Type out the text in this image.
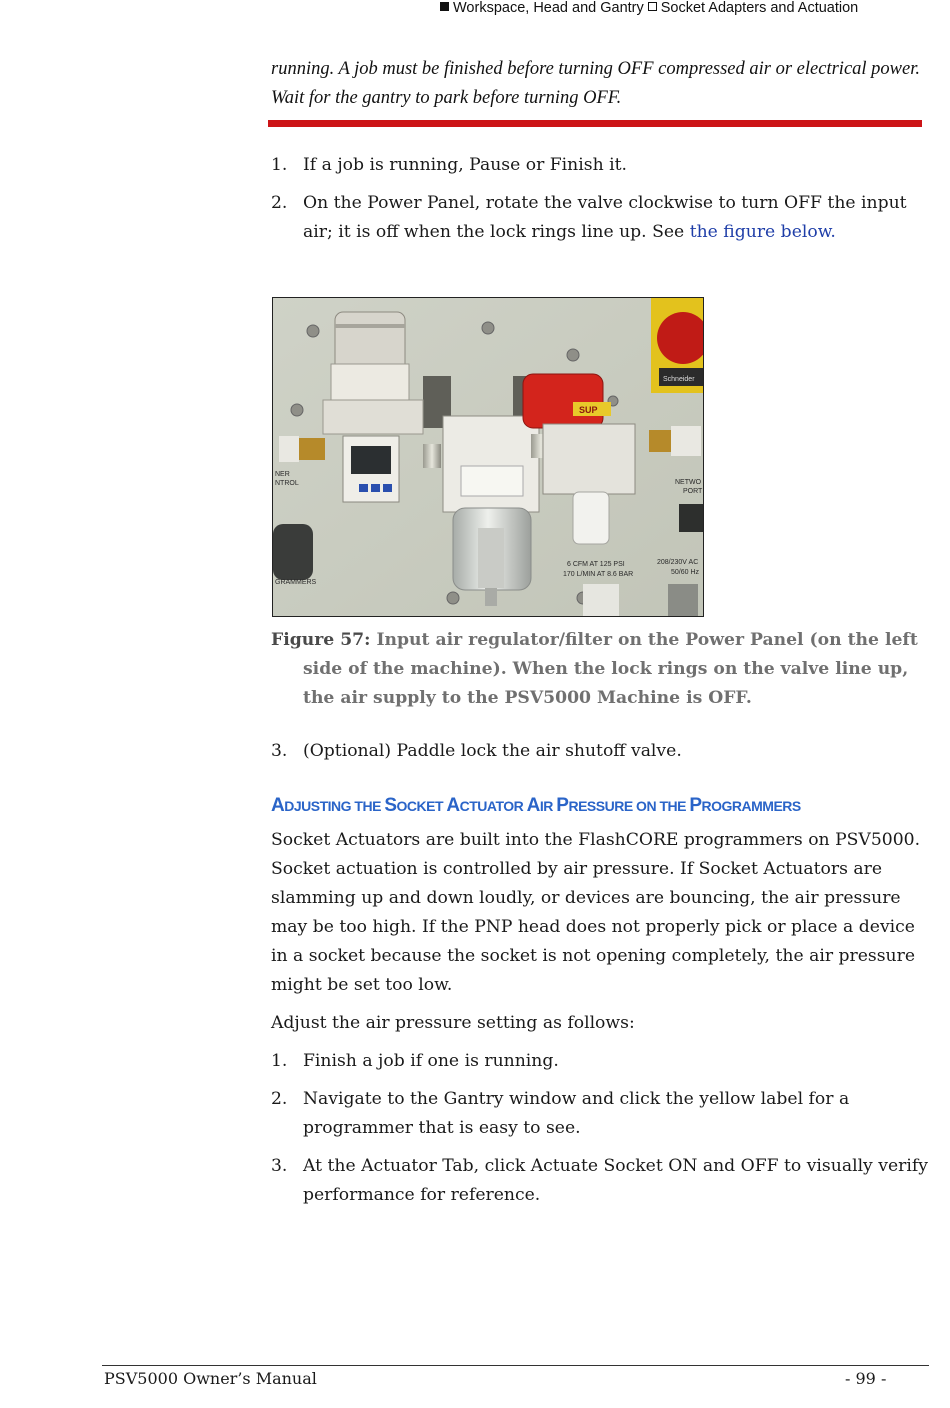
Workspace, Head and Gantry Socket Adapters and Actuation
running. A job must be finished before turning OFF compressed air or electrical power. Wait for the gantry to park before turning OFF.
1. If a job is running, Pause or Finish it.
2. On the Power Panel, rotate the valve clockwise to turn OFF the input air; it is off when the lock rings line up. See the figure below.
Schneider
SUP
NER
NTROL	NETWO
PORT
GRAMMERS
6 CFM AT 125 PSI
170 L/MIN AT 8.6 BAR
208/230V AC
50/60 Hz
Figure 57: Input air regulator/filter on the Power Panel (on the left
side of the machine). When the lock rings on the valve line up,
the air supply to the PSV5000 Machine is OFF.
3. (Optional) Paddle lock the air shutoff valve.
ADJUSTING THE SOCKET ACTUATOR AIR PRESSURE ON THE PROGRAMMERS
Socket Actuators are built into the FlashCORE programmers on PSV5000. Socket actuation is controlled by air pressure. If Socket Actuators are slamming up and down loudly, or devices are bouncing, the air pressure may be too high. If the PNP head does not properly pick or place a device in a socket because the socket is not opening completely, the air pressure might be set too low.
Adjust the air pressure setting as follows:
1. Finish a job if one is running.
2. Navigate to the Gantry window and click the yellow label for a programmer that is easy to see.
3. At the Actuator Tab, click Actuate Socket ON and OFF to visually verify performance for reference.
PSV5000 Owner’s Manual	- 99 -
